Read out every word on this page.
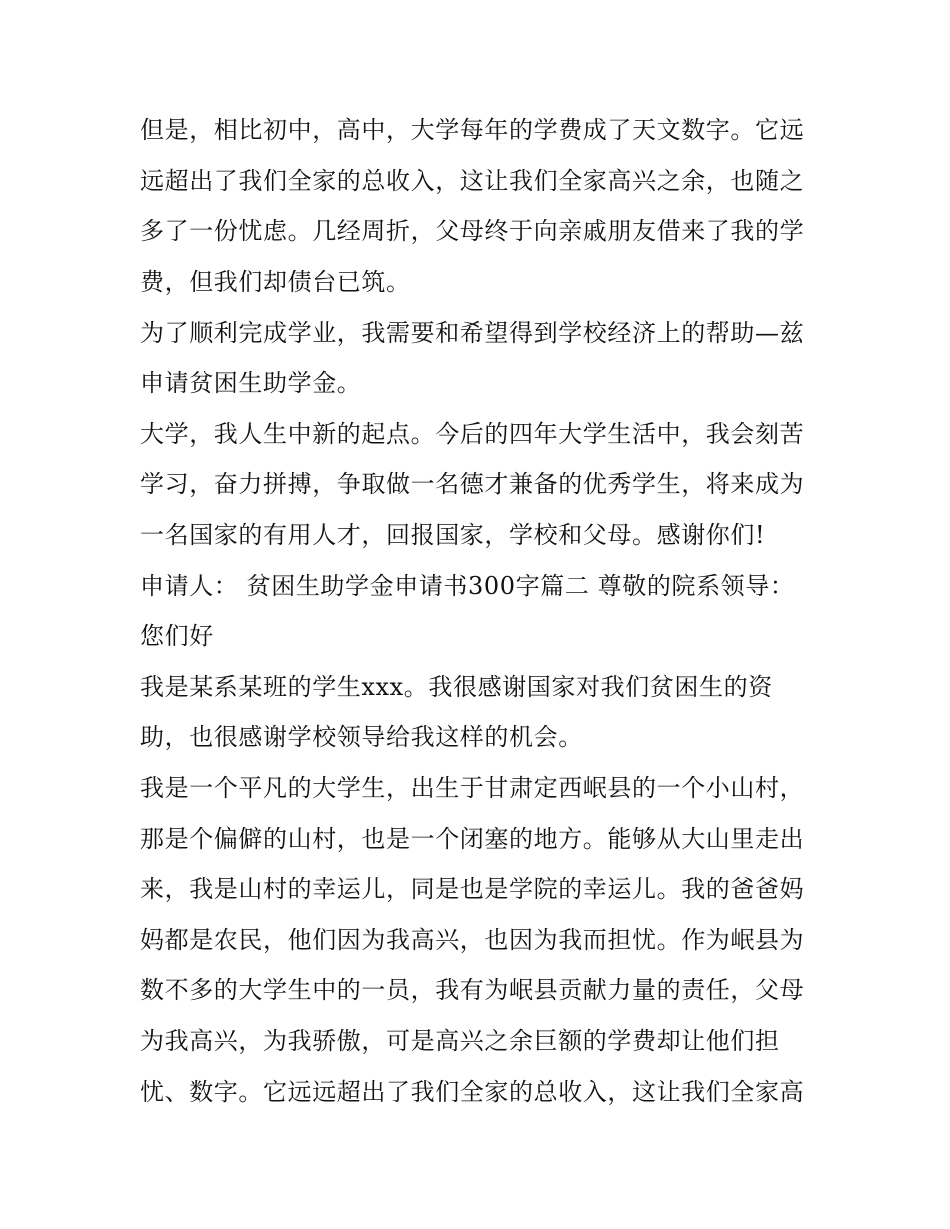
但是，相比初中，高中，大学每年的学费成了天文数字。它远
远超出了我们全家的总收入，这让我们全家高兴之余，也随之
多了一份忧虑。几经周折，父母终于向亲戚朋友借来了我的学
费，但我们却债台已筑。
为了顺利完成学业，我需要和希望得到学校经济上的帮助—兹
申请贫困生助学金。
大学，我人生中新的起点。今后的四年大学生活中，我会刻苦
学习，奋力拼搏，争取做一名德才兼备的优秀学生，将来成为
一名国家的有用人才，回报国家，学校和父母。感谢你们!
申请人： 贫困生助学金申请书300字篇二 尊敬的院系领导：
您们好
我是某系某班的学生xxx。我很感谢国家对我们贫困生的资
助，也很感谢学校领导给我这样的机会。
我是一个平凡的大学生，出生于甘肃定西岷县的一个小山村，
那是个偏僻的山村，也是一个闭塞的地方。能够从大山里走出
来，我是山村的幸运儿，同是也是学院的幸运儿。我的爸爸妈
妈都是农民，他们因为我高兴，也因为我而担忧。作为岷县为
数不多的大学生中的一员，我有为岷县贡献力量的责任，父母
为我高兴，为我骄傲，可是高兴之余巨额的学费却让他们担
忧、数字。它远远超出了我们全家的总收入，这让我们全家高
